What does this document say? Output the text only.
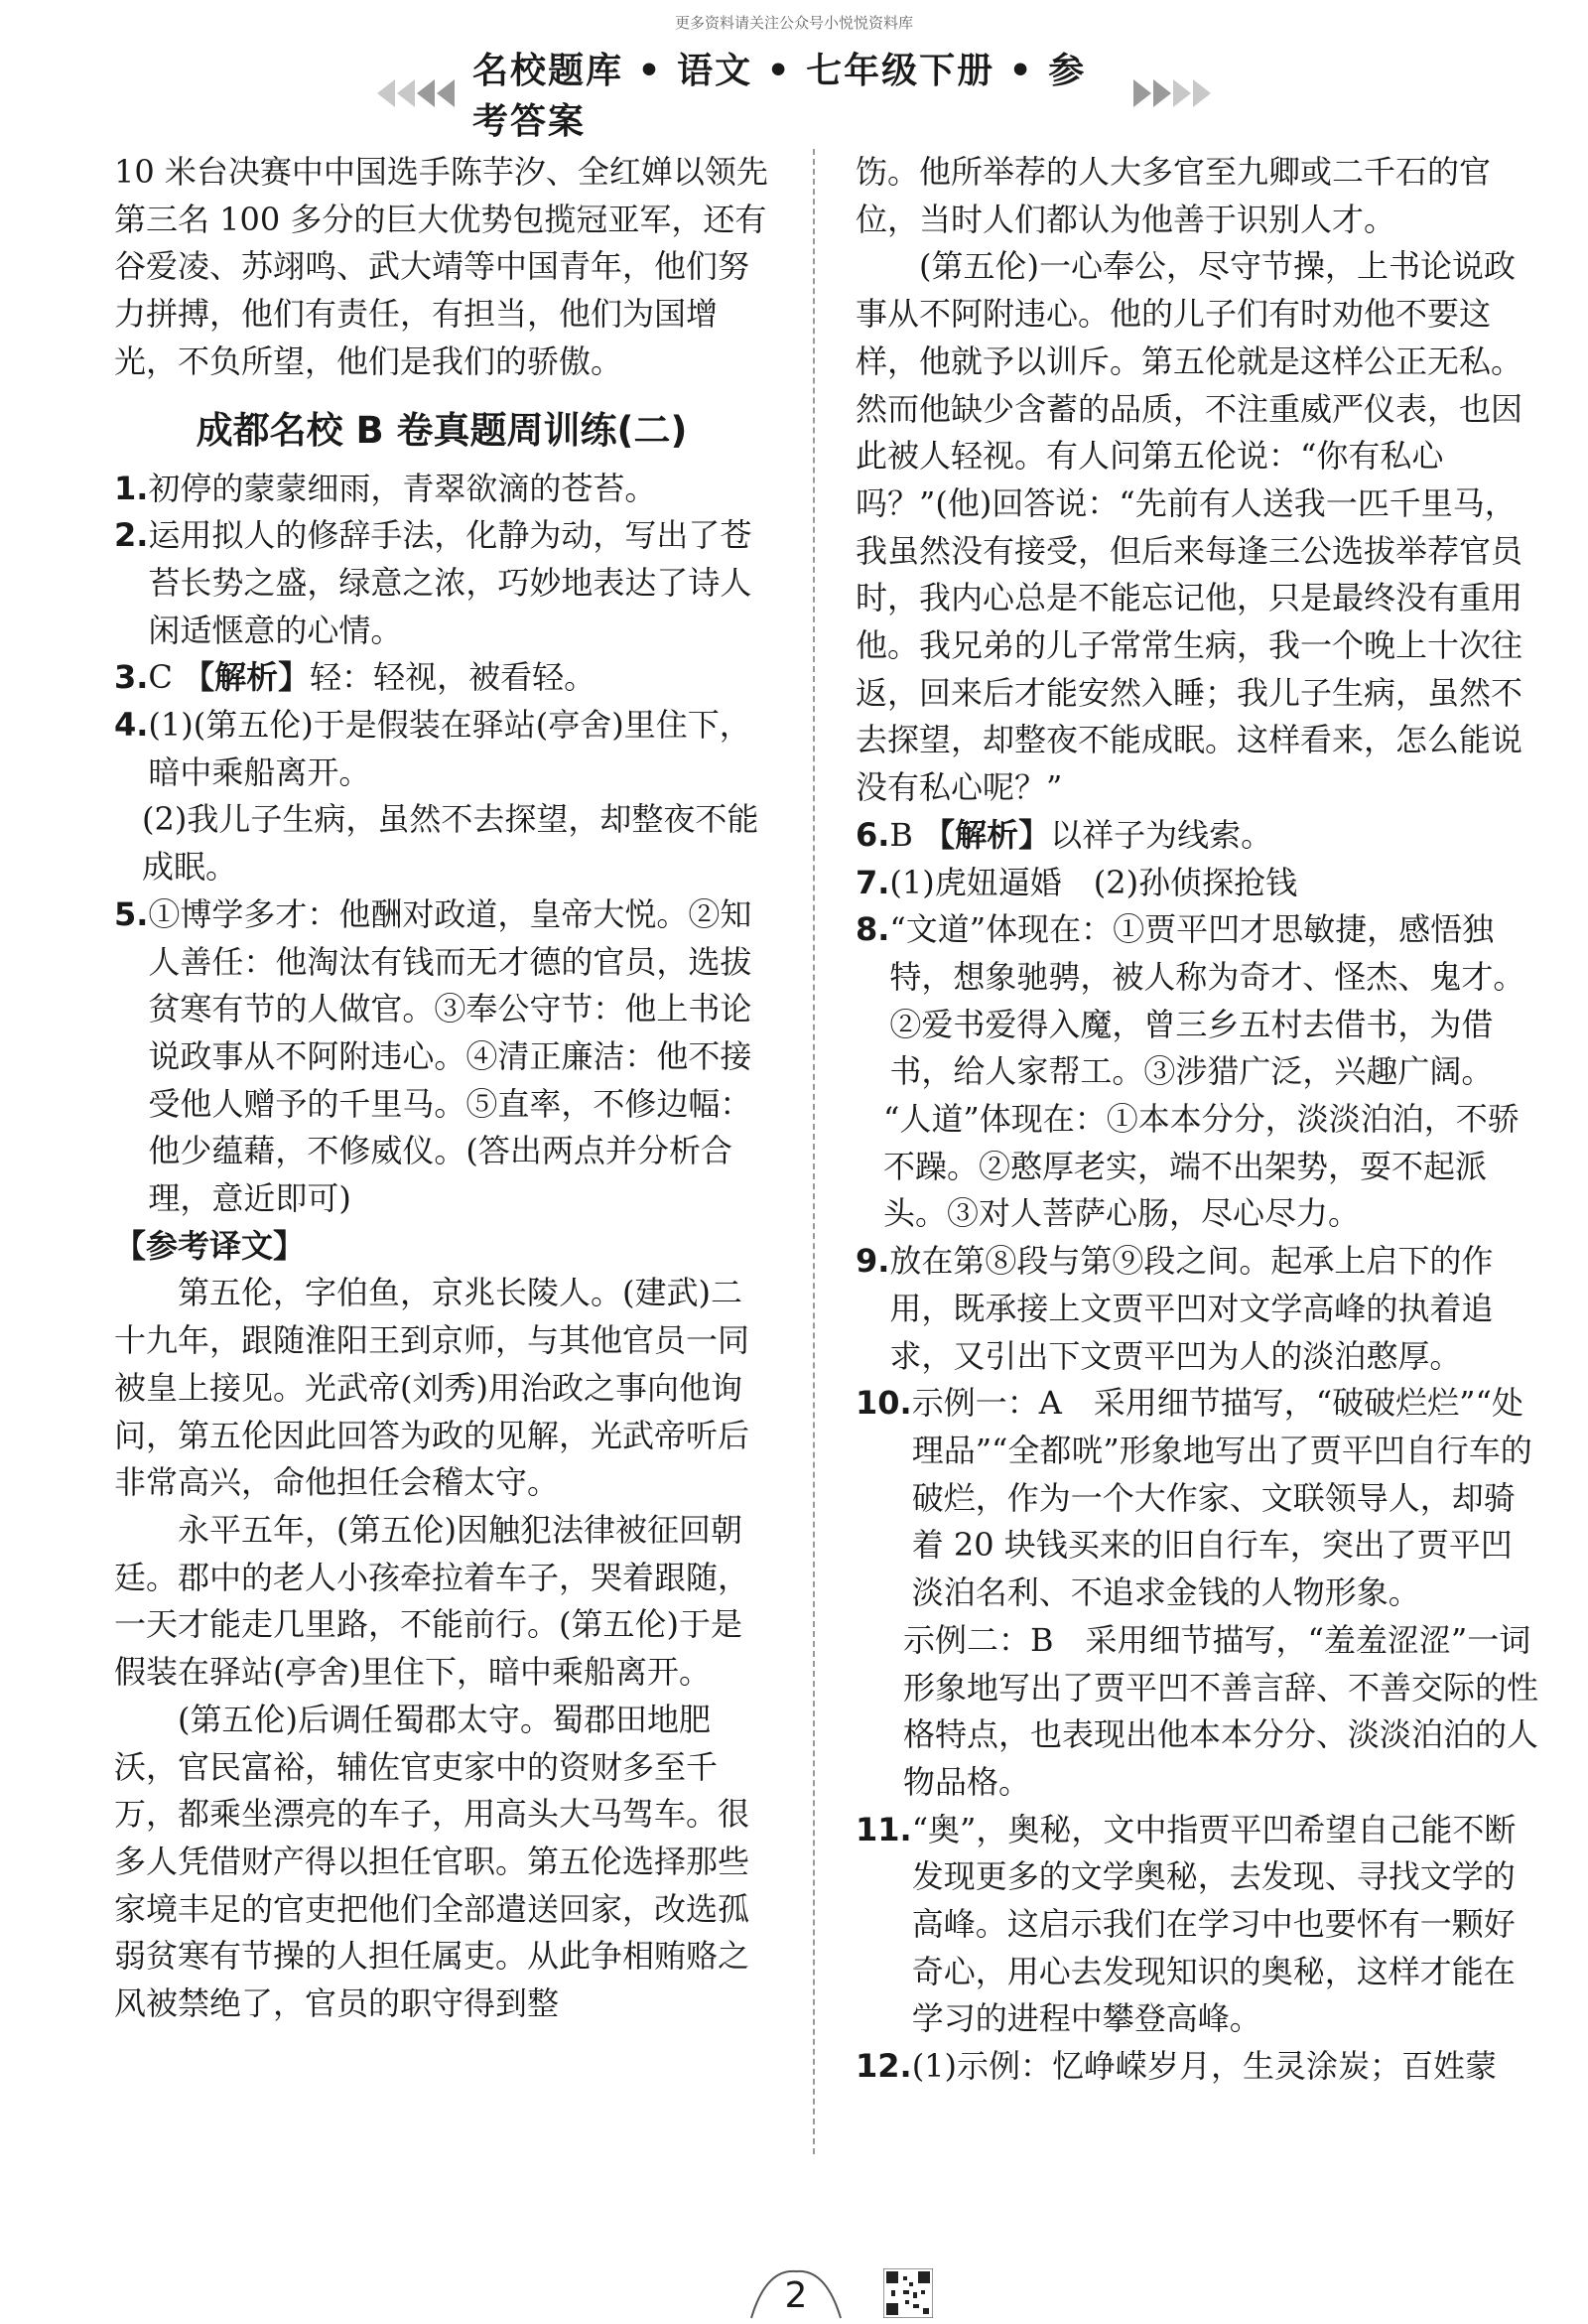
更多资料请关注公众号小悦悦资料库
名校题库 • 语文 • 七年级下册 • 参考答案

10 米台决赛中中国选手陈芋汐、全红婵以领先第三名 100 多分的巨大优势包揽冠亚军，还有谷爱凌、苏翊鸣、武大靖等中国青年，他们努力拼搏，他们有责任，有担当，他们为国增光，不负所望，他们是我们的骄傲。

成都名校 B 卷真题周训练(二)
1. 初停的蒙蒙细雨，青翠欲滴的苍苔。
2. 运用拟人的修辞手法，化静为动，写出了苍苔长势之盛，绿意之浓，巧妙地表达了诗人闲适惬意的心情。
3. C 【解析】轻：轻视，被看轻。
4. (1)(第五伦)于是假装在驿站(亭舍)里住下，暗中乘船离开。

(2)我儿子生病，虽然不去探望，却整夜不能成眠。

5. ①博学多才：他酬对政道，皇帝大悦。②知人善任：他淘汰有钱而无才德的官员，选拔贫寒有节的人做官。③奉公守节：他上书论说政事从不阿附违心。④清正廉洁：他不接受他人赠予的千里马。⑤直率，不修边幅：他少蕴藉，不修威仪。(答出两点并分析合理，意近即可)

【参考译文】

第五伦，字伯鱼，京兆长陵人。(建武)二十九年，跟随淮阳王到京师，与其他官员一同被皇上接见。光武帝(刘秀)用治政之事向他询问，第五伦因此回答为政的见解，光武帝听后非常高兴，命他担任会稽太守。

永平五年，(第五伦)因触犯法律被征回朝廷。郡中的老人小孩牵拉着车子，哭着跟随，一天才能走几里路，不能前行。(第五伦)于是假装在驿站(亭舍)里住下，暗中乘船离开。

(第五伦)后调任蜀郡太守。蜀郡田地肥沃，官民富裕，辅佐官吏家中的资财多至千万，都乘坐漂亮的车子，用高头大马驾车。很多人凭借财产得以担任官职。第五伦选择那些家境丰足的官吏把他们全部遣送回家，改选孤弱贫寒有节操的人担任属吏。从此争相贿赂之风被禁绝了，官员的职守得到整

饬。他所举荐的人大多官至九卿或二千石的官位，当时人们都认为他善于识别人才。

(第五伦)一心奉公，尽守节操，上书论说政事从不阿附违心。他的儿子们有时劝他不要这样，他就予以训斥。第五伦就是这样公正无私。然而他缺少含蓄的品质，不注重威严仪表，也因此被人轻视。有人问第五伦说：“你有私心吗？”(他)回答说：“先前有人送我一匹千里马，我虽然没有接受，但后来每逢三公选拔举荐官员时，我内心总是不能忘记他，只是最终没有重用他。我兄弟的儿子常常生病，我一个晚上十次往返，回来后才能安然入睡；我儿子生病，虽然不去探望，却整夜不能成眠。这样看来，怎么能说没有私心呢？”

6. B 【解析】以祥子为线索。
7. (1)虎妞逼婚　(2)孙侦探抢钱
8. “文道”体现在：①贾平凹才思敏捷，感悟独特，想象驰骋，被人称为奇才、怪杰、鬼才。②爱书爱得入魔，曾三乡五村去借书，为借书，给人家帮工。③涉猎广泛，兴趣广阔。

“人道”体现在：①本本分分，淡淡泊泊，不骄不躁。②憨厚老实，端不出架势，耍不起派头。③对人菩萨心肠，尽心尽力。

9. 放在第⑧段与第⑨段之间。起承上启下的作用，既承接上文贾平凹对文学高峰的执着追求，又引出下文贾平凹为人的淡泊憨厚。
10. 示例一：A　采用细节描写，“破破烂烂”“处理品”“全都咣”形象地写出了贾平凹自行车的破烂，作为一个大作家、文联领导人，却骑着 20 块钱买来的旧自行车，突出了贾平凹淡泊名利、不追求金钱的人物形象。

示例二：B　采用细节描写，“羞羞涩涩”一词形象地写出了贾平凹不善言辞、不善交际的性格特点，也表现出他本本分分、淡淡泊泊的人物品格。

11. “奥”，奥秘，文中指贾平凹希望自己能不断发现更多的文学奥秘，去发现、寻找文学的高峰。这启示我们在学习中也要怀有一颗好奇心，用心去发现知识的奥秘，这样才能在学习的进程中攀登高峰。
12. (1)示例：忆峥嵘岁月，生灵涂炭；百姓蒙
2
